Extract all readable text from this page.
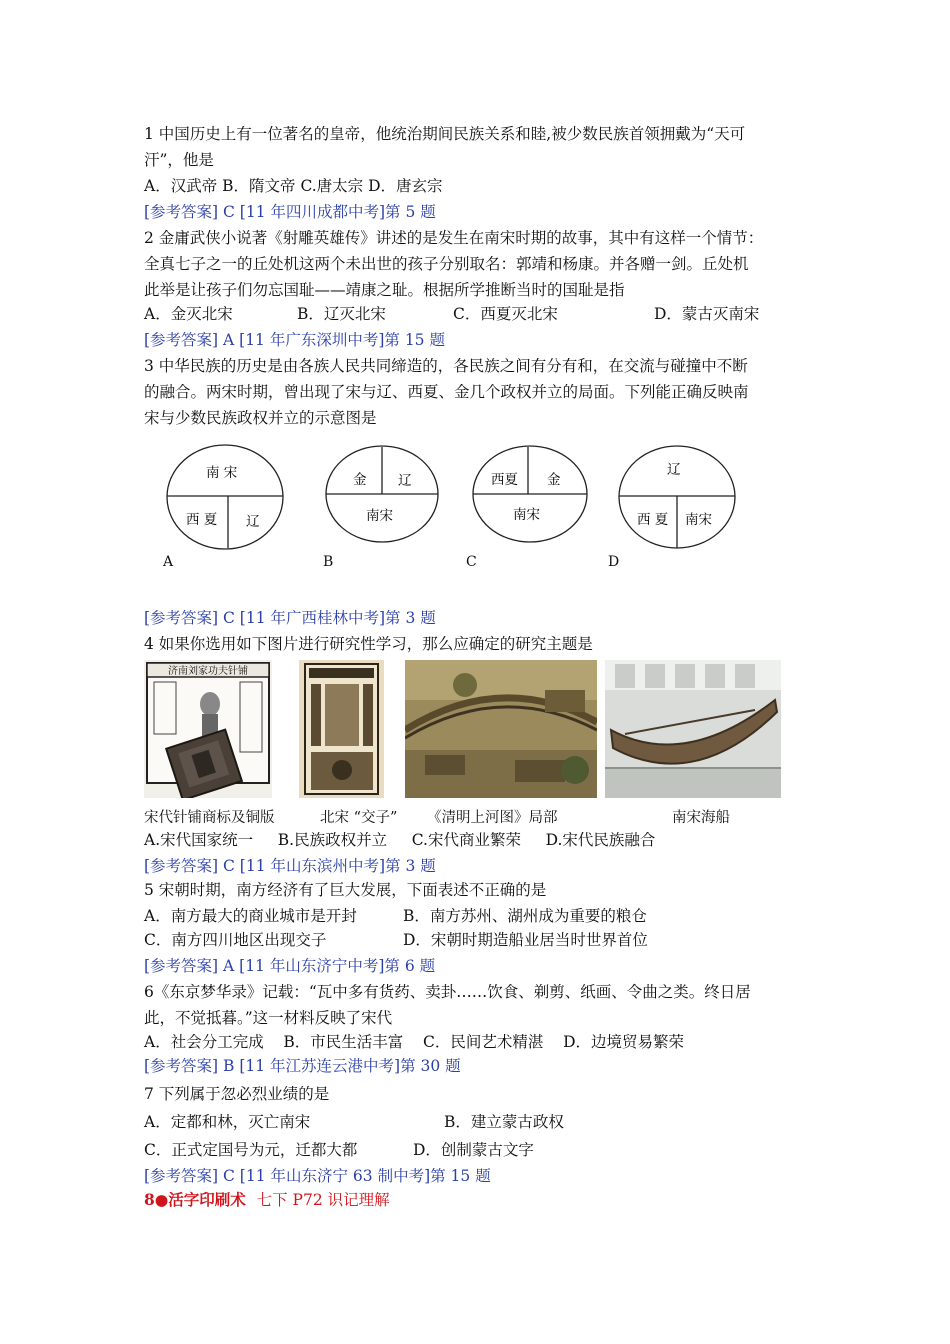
1 中国历史上有一位著名的皇帝，他统治期间民族关系和睦,被少数民族首领拥戴为“天可
汗”，他是
A．汉武帝 B．隋文帝 C.唐太宗 D．唐玄宗
[参考答案] C [11 年四川成都中考]第 5 题
2 金庸武侠小说著《射雕英雄传》讲述的是发生在南宋时期的故事，其中有这样一个情节：
全真七子之一的丘处机这两个未出世的孩子分别取名：郭靖和杨康。并各赠一剑。丘处机
此举是让孩子们勿忘国耻——靖康之耻。根据所学推断当时的国耻是指
A．金灭北宋	B．辽灭北宋	C．西夏灭北宋	D．蒙古灭南宋
[参考答案] A [11 年广东深圳中考]第 15 题
3 中华民族的历史是由各族人民共同缔造的，各民族之间有分有和，在交流与碰撞中不断
的融合。两宋时期，曾出现了宋与辽、西夏、金几个政权并立的局面。下列能正确反映南
宋与少数民族政权并立的示意图是
南 宋
西 夏 辽
金 辽
南宋
西夏 金
南宋
辽
西 夏 南宋
A	B	C	D
[参考答案] C [11 年广西桂林中考]第 3 题
4 如果你选用如下图片进行研究性学习，那么应确定的研究主题是
济南刘家功夫针铺
宋代针铺商标及铜版	北宋 “交子” 《清明上河图》局部	南宋海船
A.宋代国家统一     B.民族政权并立     C.宋代商业繁荣     D.宋代民族融合
[参考答案] C [11 年山东滨州中考]第 3 题
5 宋朝时期，南方经济有了巨大发展，下面表述不正确的是
A．南方最大的商业城市是开封	B．南方苏州、湖州成为重要的粮仓
C．南方四川地区出现交子	D．宋朝时期造船业居当时世界首位
[参考答案] A [11 年山东济宁中考]第 6 题
6《东京梦华录》记载：“瓦中多有货药、卖卦……饮食、剃剪、纸画、令曲之类。终日居
此，不觉抵暮。”这一材料反映了宋代
A．社会分工完成    B．市民生活丰富    C．民间艺术精湛    D．边境贸易繁荣
[参考答案] B [11 年江苏连云港中考]第 30 题
7 下列属于忽必烈业绩的是
A．定都和林，灭亡南宋	B．建立蒙古政权
C．正式定国号为元，迁都大都	D．创制蒙古文字
[参考答案] C [11 年山东济宁 63 制中考]第 15 题
8●活字印刷术 七下 P72 识记理解
